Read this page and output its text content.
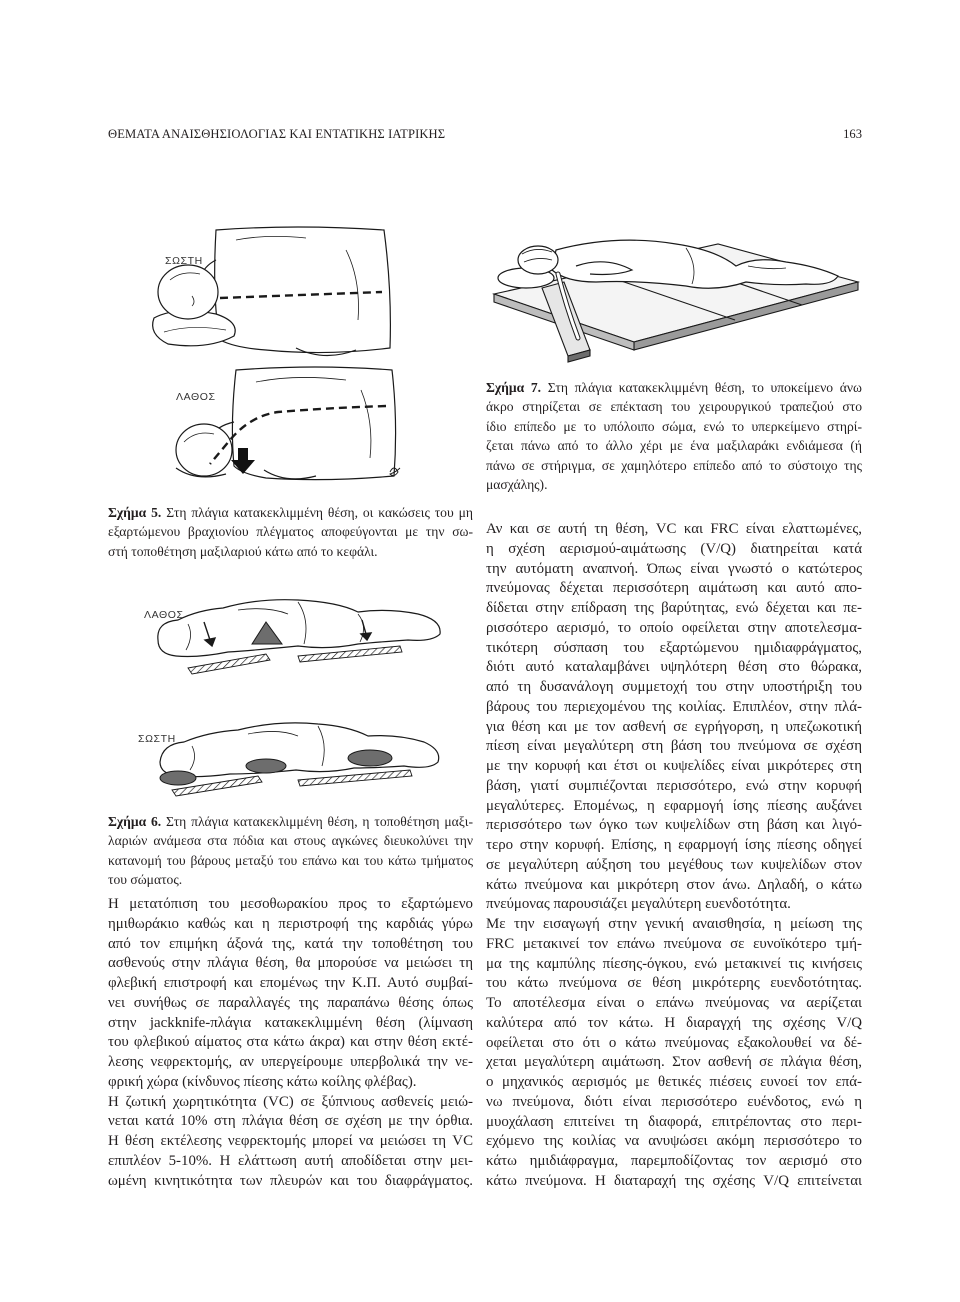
ΘΕΜΑΤΑ ΑΝΑΙΣΘΗΣΙΟΛΟΓΙΑΣ ΚΑΙ ΕΝΤΑΤΙΚΗΣ ΙΑΤΡΙΚΗΣ	163
ΣΩΣΤΗ
ΛΑΘΟΣ
Σχήμα 5. Στη πλάγια κατακεκλιμμένη θέση, οι κακώσεις του μη
εξαρτώμενου βραχιονίου πλέγματος αποφεύγονται με την σω-
στή τοποθέτηση μαξιλαριού κάτω από το κεφάλι.
ΛΑΘΟΣ
ΣΩΣΤΗ
Σχήμα 6. Στη πλάγια κατακεκλιμμένη θέση, η τοποθέτηση μαξι-
λαριών ανάμεσα στα πόδια και στους αγκώνες διευκολύνει την
κατανομή του βάρους μεταξύ του επάνω και του κάτω τμήματος
του σώματος.
Η μετατόπιση του μεσοθωρακίου προς το εξαρτώμενο
ημιθωράκιο καθώς και η περιστροφή της καρδιάς γύρω
από τον επιμήκη άξονά της, κατά την τοποθέτηση του
ασθενούς στην πλάγια θέση, θα μπορούσε να μειώσει τη
φλεβική επιστροφή και επομένως την Κ.Π. Αυτό συμβαί-
νει συνήθως σε παραλλαγές της παραπάνω θέσης όπως
στην jackknife-πλάγια κατακεκλιμμένη θέση (λίμναση
του φλεβικού αίματος στα κάτω άκρα) και στην θέση εκτέ-
λεσης νεφρεκτομής, αν υπεργείρουμε υπερβολικά την νε-
φρική χώρα (κίνδυνος πίεσης κάτω κοίλης φλέβας).
Η ζωτική χωρητικότητα (VC) σε ξύπνιους ασθενείς μειώ-
νεται κατά 10% στη πλάγια θέση σε σχέση με την όρθια.
Η θέση εκτέλεσης νεφρεκτομής μπορεί να μειώσει τη VC
επιπλέον 5-10%. Η ελάττωση αυτή αποδίδεται στην μει-
ωμένη κινητικότητα των πλευρών και του διαφράγματος.
Σχήμα 7. Στη πλάγια κατακεκλιμμένη θέση, το υποκείμενο άνω
άκρο στηρίζεται σε επέκταση του χειρουργικού τραπεζιού στο
ίδιο επίπεδο με το υπόλοιπο σώμα, ενώ το υπερκείμενο στηρί-
ζεται πάνω από το άλλο χέρι με ένα μαξιλαράκι ενδιάμεσα (ή
πάνω σε στήριγμα, σε χαμηλότερο επίπεδο από το σύστοιχο της
μασχάλης).
Αν και σε αυτή τη θέση, VC και FRC είναι ελαττωμένες,
η σχέση αερισμού-αιμάτωσης (V/Q) διατηρείται κατά
την αυτόματη αναπνοή. Όπως είναι γνωστό ο κατώτερος
πνεύμονας δέχεται περισσότερη αιμάτωση και αυτό απο-
δίδεται στην επίδραση της βαρύτητας, ενώ δέχεται και πε-
ρισσότερο αερισμό, το οποίο οφείλεται στην αποτελεσμα-
τικότερη σύσπαση του εξαρτώμενου ημιδιαφράγματος,
διότι αυτό καταλαμβάνει υψηλότερη θέση στο θώρακα,
από τη δυσανάλογη συμμετοχή του στην υποστήριξη του
βάρους του περιεχομένου της κοιλίας. Επιπλέον, στην πλά-
για θέση και με τον ασθενή σε εγρήγορση, η υπεζωκοτική
πίεση είναι μεγαλύτερη στη βάση του πνεύμονα σε σχέση
με την κορυφή και έτσι οι κυψελίδες είναι μικρότερες στη
βάση, γιατί συμπιέζονται περισσότερο, ενώ στην κορυφή
μεγαλύτερες. Επομένως, η εφαρμογή ίσης πίεσης αυξάνει
περισσότερο των όγκο των κυψελίδων στη βάση και λιγό-
τερο στην κορυφή. Επίσης, η εφαρμογή ίσης πίεσης οδηγεί
σε μεγαλύτερη αύξηση του μεγέθους των κυψελίδων στον
κάτω πνεύμονα και μικρότερη στον άνω. Δηλαδή, ο κάτω
πνεύμονας παρουσιάζει μεγαλύτερη ευενδοτότητα.
Με την εισαγωγή στην γενική αναισθησία, η μείωση της
FRC μετακινεί τον επάνω πνεύμονα σε ευνοϊκότερο τμή-
μα της καμπύλης πίεσης-όγκου, ενώ μετακινεί τις κινήσεις
του κάτω πνεύμονα σε θέση μικρότερης ευενδοτότητας.
Το αποτέλεσμα είναι ο επάνω πνεύμονας να αερίζεται
καλύτερα από τον κάτω. Η διαραγχή της σχέσης V/Q
οφείλεται στο ότι ο κάτω πνεύμονας εξακολουθεί να δέ-
χεται μεγαλύτερη αιμάτωση. Στον ασθενή σε πλάγια θέση,
ο μηχανικός αερισμός με θετικές πιέσεις ευνοεί τον επά-
νω πνεύμονα, διότι είναι περισσότερο ευένδοτος, ενώ η
μυοχάλαση επιτείνει τη διαφορά, επιτρέποντας στο περι-
εχόμενο της κοιλίας να ανυψώσει ακόμη περισσότερο το
κάτω ημιδιάφραγμα, παρεμποδίζοντας τον αερισμό στο
κάτω πνεύμονα. Η διαταραχή της σχέσης V/Q επιτείνεται
